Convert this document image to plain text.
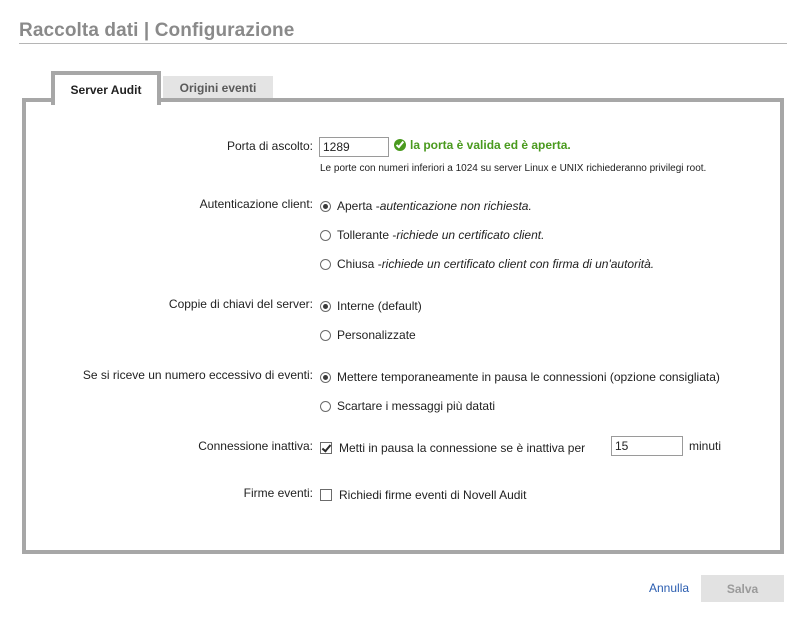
Raccolta dati | Configurazione
Server Audit	Origini eventi
Porta di ascolto:
1289	la porta è valida ed è aperta.
Le porte con numeri inferiori a 1024 su server Linux e UNIX richiederanno privilegi root.
Autenticazione client: Aperta - autenticazione non richiesta.
Tollerante - richiede un certificato client.
Chiusa - richiede un certificato client con firma di un'autorità.
Coppie di chiavi del server: Interne (default)
Personalizzate
Se si riceve un numero eccessivo di eventi: Mettere temporaneamente in pausa le connessioni (opzione consigliata)
Scartare i messaggi più datati
Connessione inattiva: Metti in pausa la connessione se è inattiva per
15	minuti
Firme eventi: Richiedi firme eventi di Novell Audit
Annulla	Salva
